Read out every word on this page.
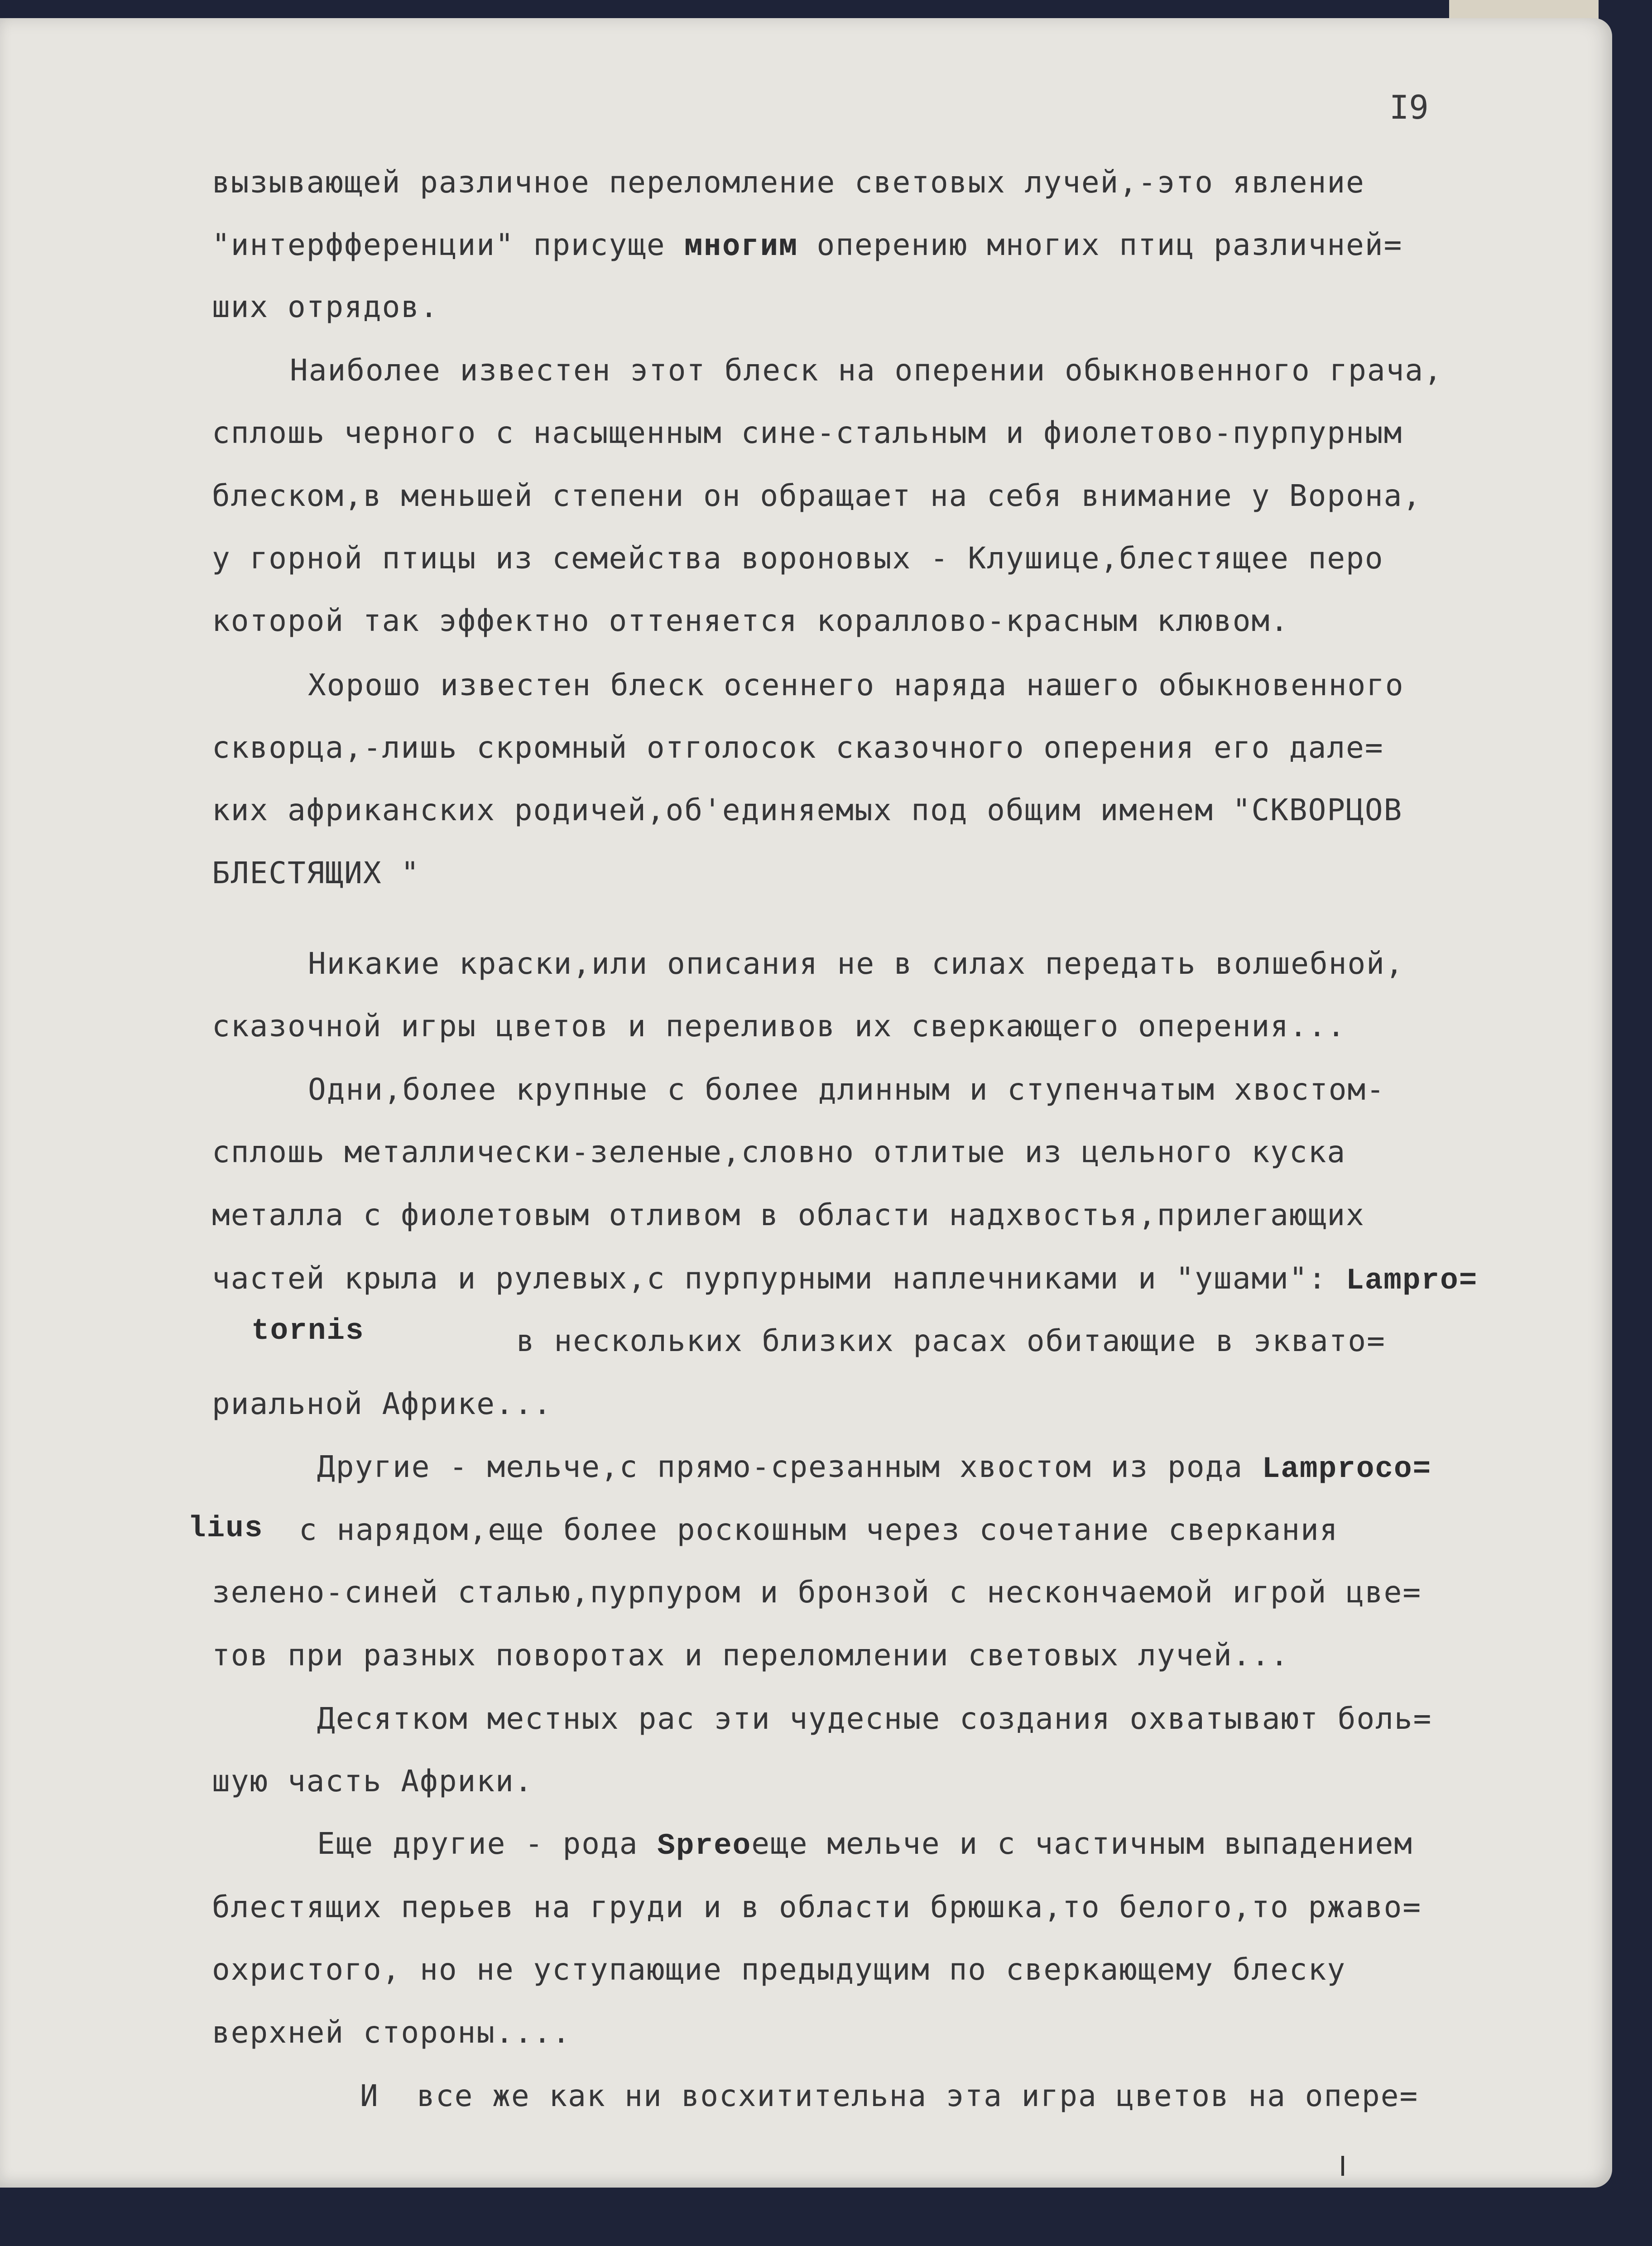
I9

вызывающей различное переломление световых лучей,-это явление

"интерфференции" присуще многим оперению многих птиц различней=

ших отрядов.

Наиболее известен этот блеск на оперении обыкновенного грача,

сплошь черного с насыщенным сине-стальным и фиолетово-пурпурным

блеском,в меньшей степени он обращает на себя внимание у Ворона,

у горной птицы из семейства вороновых - Клушице,блестящее перо

которой так эффектно оттеняется кораллово-красным клювом.

Хорошо известен блеск осеннего наряда нашего обыкновенного

скворца,-лишь скромный отголосок сказочного оперения его дале=

ких африканских родичей,об'единяемых под общим именем "СКВОРЦОВ

БЛЕСТЯЩИХ "

Никакие краски,или описания не в силах передать волшебной,

сказочной игры цветов и переливов их сверкающего оперения...

Одни,более крупные с более длинным и ступенчатым хвостом-

сплошь металлически-зеленые,словно отлитые из цельного куска

металла с фиолетовым отливом в области надхвостья,прилегающих

частей крыла и рулевых,с пурпурными наплечниками и "ушами": Lampro=

tornis	в нескольких близких расах обитающие в эквато=

риальной Африке...

Другие - мельче,с прямо-срезанным хвостом из рода Lamproco=

lius с нарядом,еще более роскошным через сочетание сверкания

зелено-синей сталью,пурпуром и бронзой с нескончаемой игрой цве=

тов при разных поворотах и переломлении световых лучей...

Десятком местных рас эти чудесные создания охватывают боль=

шую часть Африки.

Еще другие - рода Spreoеще мельче и с частичным выпадением

блестящих перьев на груди и в области брюшка,то белого,то ржаво=

охристого, но не уступающие предыдущим по сверкающему блеску

верхней стороны....

И  все же как ни восхитительна эта игра цветов на опере=
